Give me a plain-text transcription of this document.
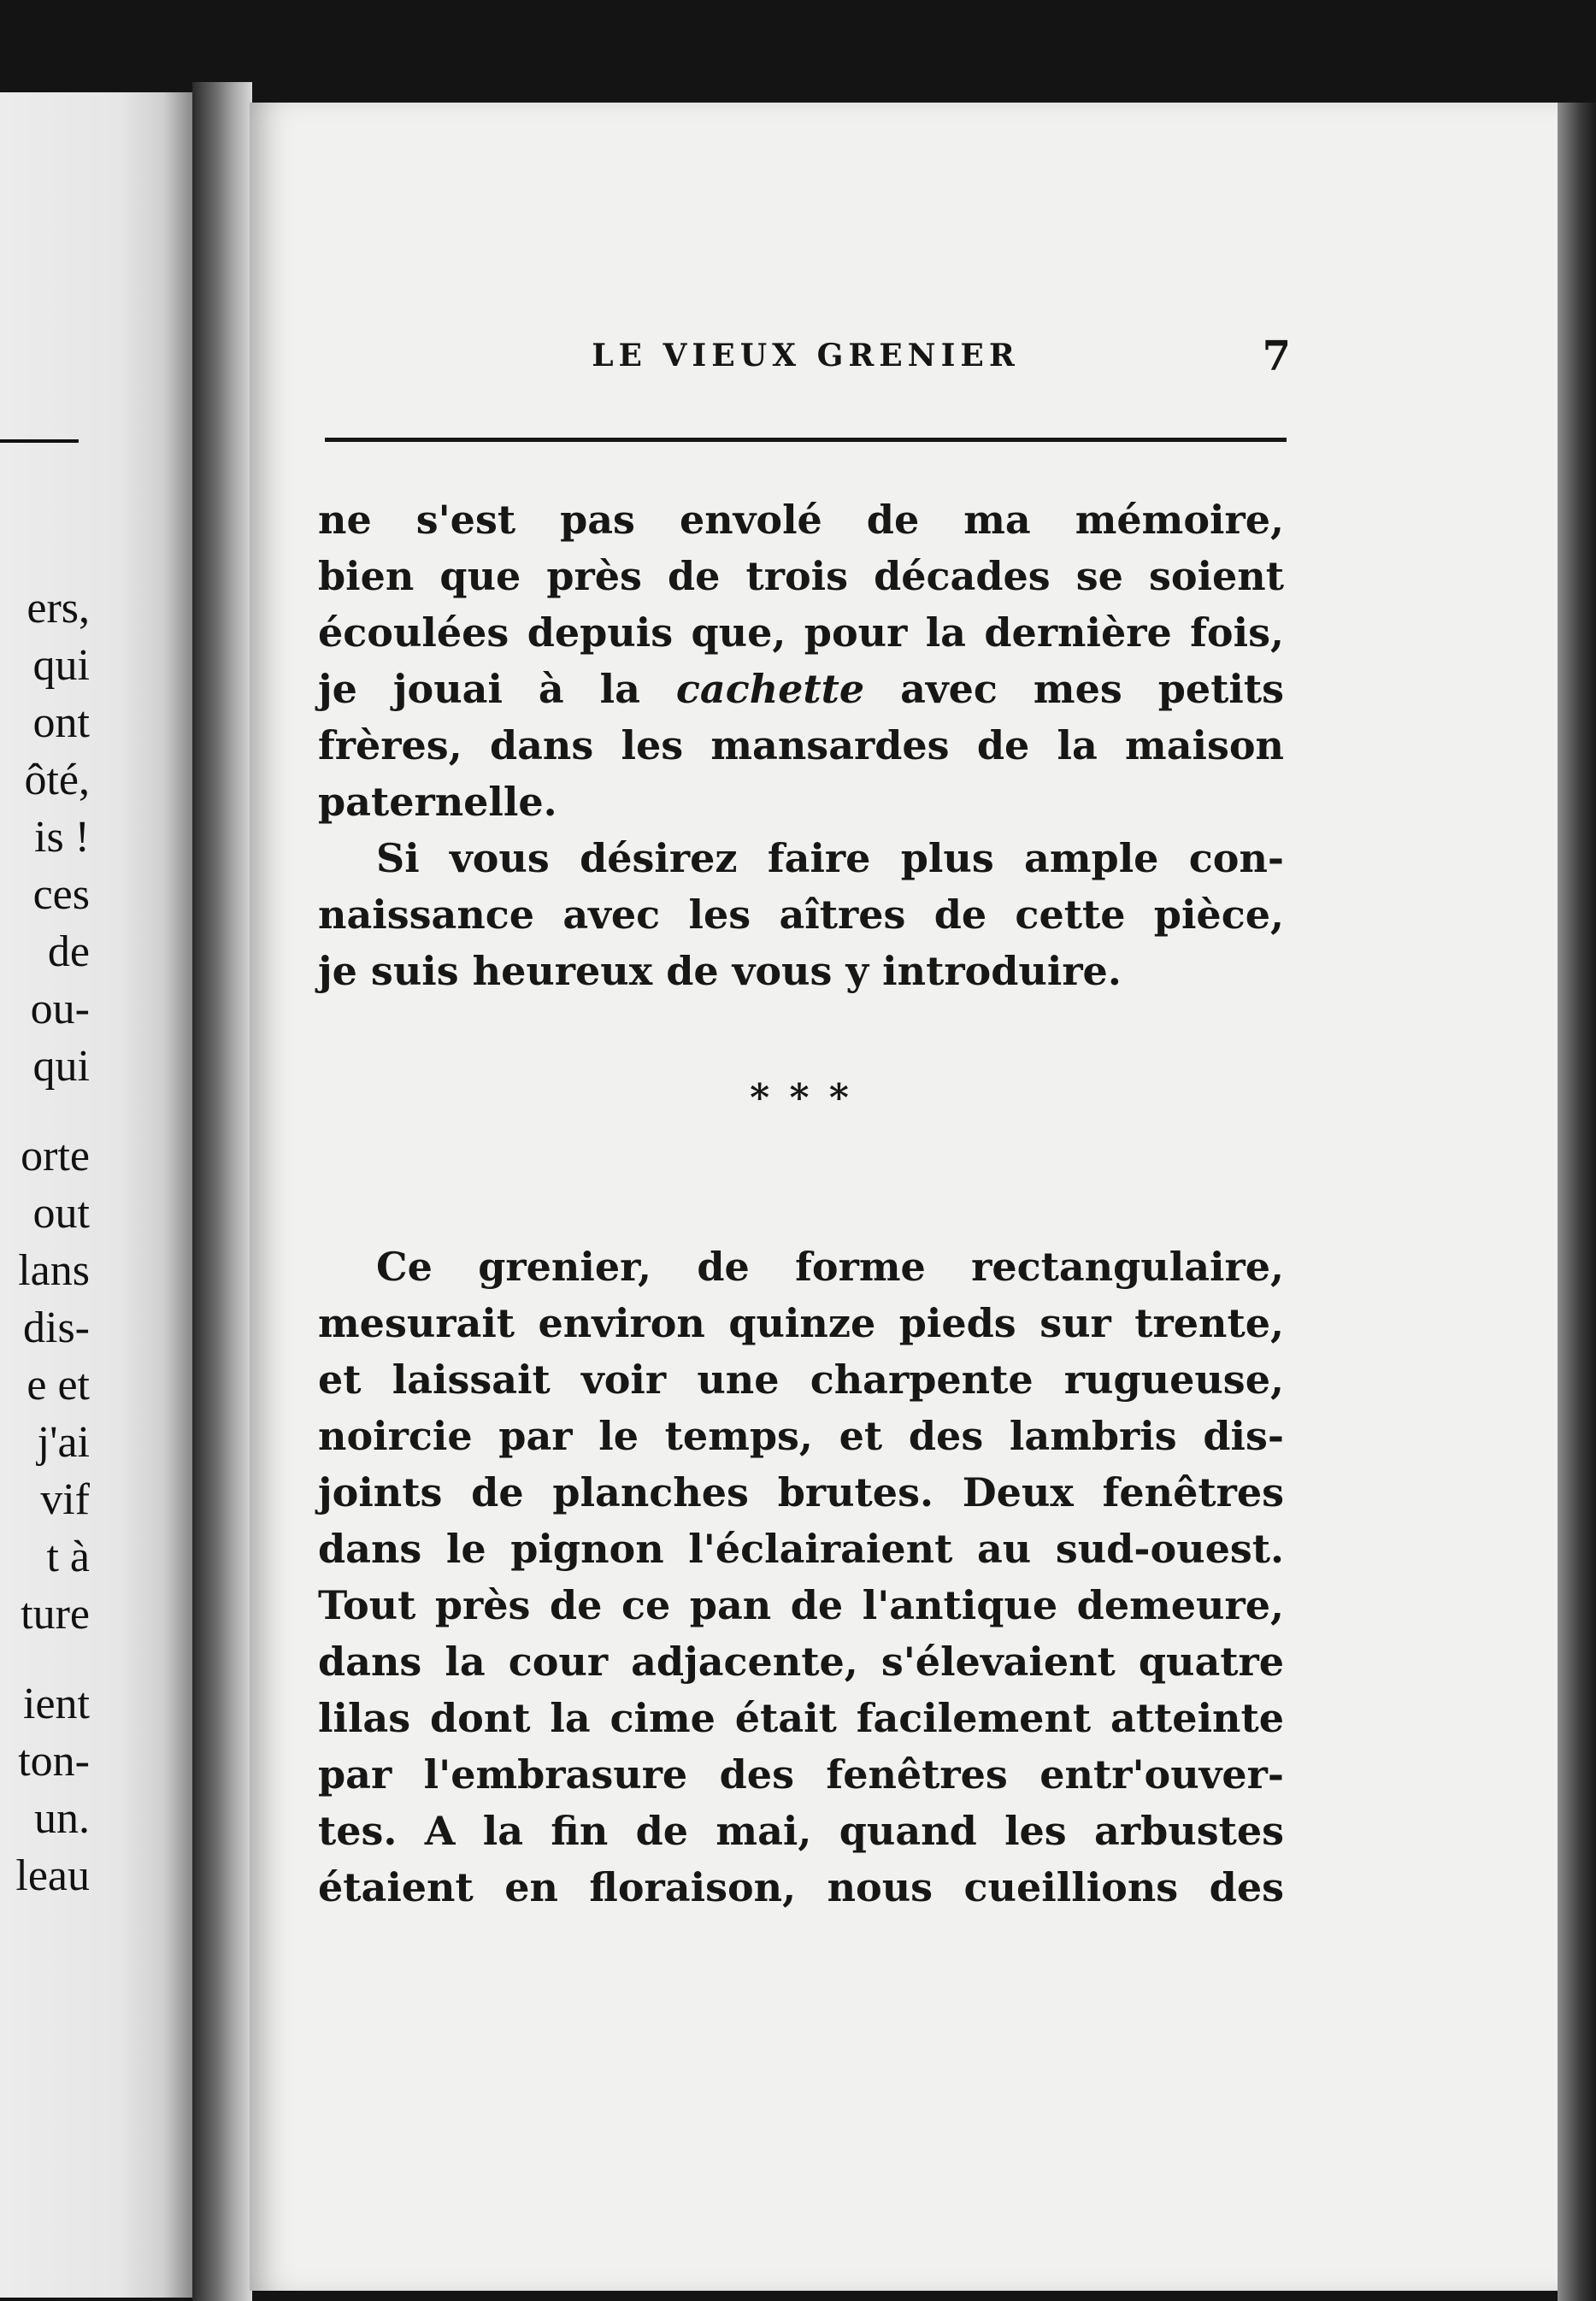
ers,
qui
ont
ôté,
is !
ces
de
ou-
qui
orte
out
lans
dis-
e et
j'ai
vif
t à
ture
ient
ton-
un.
leau
LE VIEUX GRENIER	7
ne s'est pas envolé de ma mémoire,
bien que près de trois décades se soient
écoulées depuis que, pour la dernière fois,
je jouai à la cachette avec mes petits
frères, dans les mansardes de la maison
paternelle.
Si vous désirez faire plus ample con-
naissance avec les aîtres de cette pièce,
je suis heureux de vous y introduire.
* * *
Ce grenier, de forme rectangulaire,
mesurait environ quinze pieds sur trente,
et laissait voir une charpente rugueuse,
noircie par le temps, et des lambris dis-
joints de planches brutes. Deux fenêtres
dans le pignon l'éclairaient au sud-ouest.
Tout près de ce pan de l'antique demeure,
dans la cour adjacente, s'élevaient quatre
lilas dont la cime était facilement atteinte
par l'embrasure des fenêtres entr'ouver-
tes. A la fin de mai, quand les arbustes
étaient en floraison, nous cueillions des
